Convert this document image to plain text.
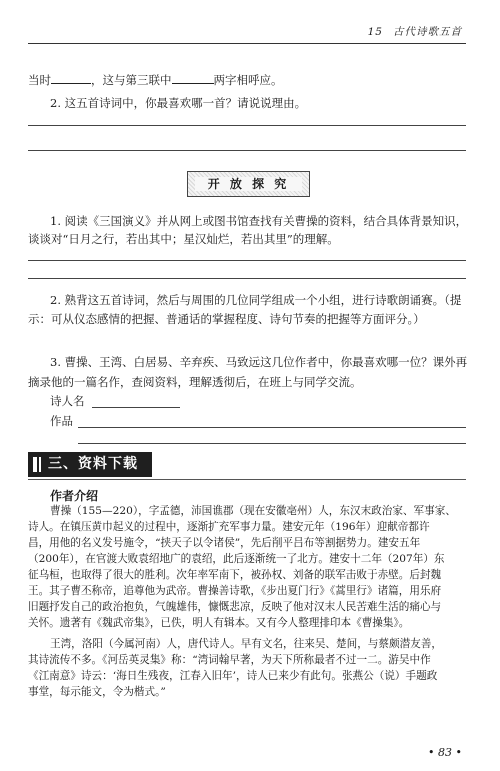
15 古代诗歌五首
当时	，这与第三联中	两字相呼应。
2. 这五首诗词中，你最喜欢哪一首？请说说理由。
开 放 探 究
1. 阅读《三国演义》并从网上或图书馆查找有关曹操的资料，结合具体背景知识，
谈谈对“日月之行，若出其中；星汉灿烂，若出其里”的理解。
2. 熟背这五首诗词，然后与周围的几位同学组成一个小组，进行诗歌朗诵赛。（提
示：可从仪态感情的把握、普通话的掌握程度、诗句节奏的把握等方面评分。）
3. 曹操、王湾、白居易、辛弃疾、马致远这几位作者中，你最喜欢哪一位？课外再
摘录他的一篇名作，查阅资料，理解透彻后，在班上与同学交流。
诗人名
作品
三、资料下载
作者介绍
曹操（155—220），字孟德，沛国谯郡（现在安徽亳州）人，东汉末政治家、军事家、
诗人。在镇压黄巾起义的过程中，逐渐扩充军事力量。建安元年（196年）迎献帝都许
昌，用他的名义发号施令，“挟天子以令诸侯”，先后削平吕布等割据势力。建安五年
（200年），在官渡大败袁绍地广的袁绍，此后逐渐统一了北方。建安十二年（207年）东
征乌桓，也取得了很大的胜利。次年率军南下，被孙权、刘备的联军击败于赤壁。后封魏
王。其子曹丕称帝，追尊他为武帝。曹操善诗歌，《步出夏门行》《蒿里行》诸篇，用乐府
旧题抒发自己的政治抱负，气魄雄伟，慷慨悲凉，反映了他对汉末人民苦难生活的痛心与
关怀。遗著有《魏武帝集》，已佚，明人有辑本。又有今人整理排印本《曹操集》。
王湾，洛阳（今属河南）人，唐代诗人。早有文名，往来吴、楚间，与蔡颇潜友善，
其诗流传不多。《河岳英灵集》称：“湾词翰早著，为天下所称最者不过一二。游吴中作
《江南意》诗云：‘海日生残夜，江春入旧年’，诗人已来少有此句。张燕公（说）手题政
事堂，每示能文，令为楷式。”
• 83 •
